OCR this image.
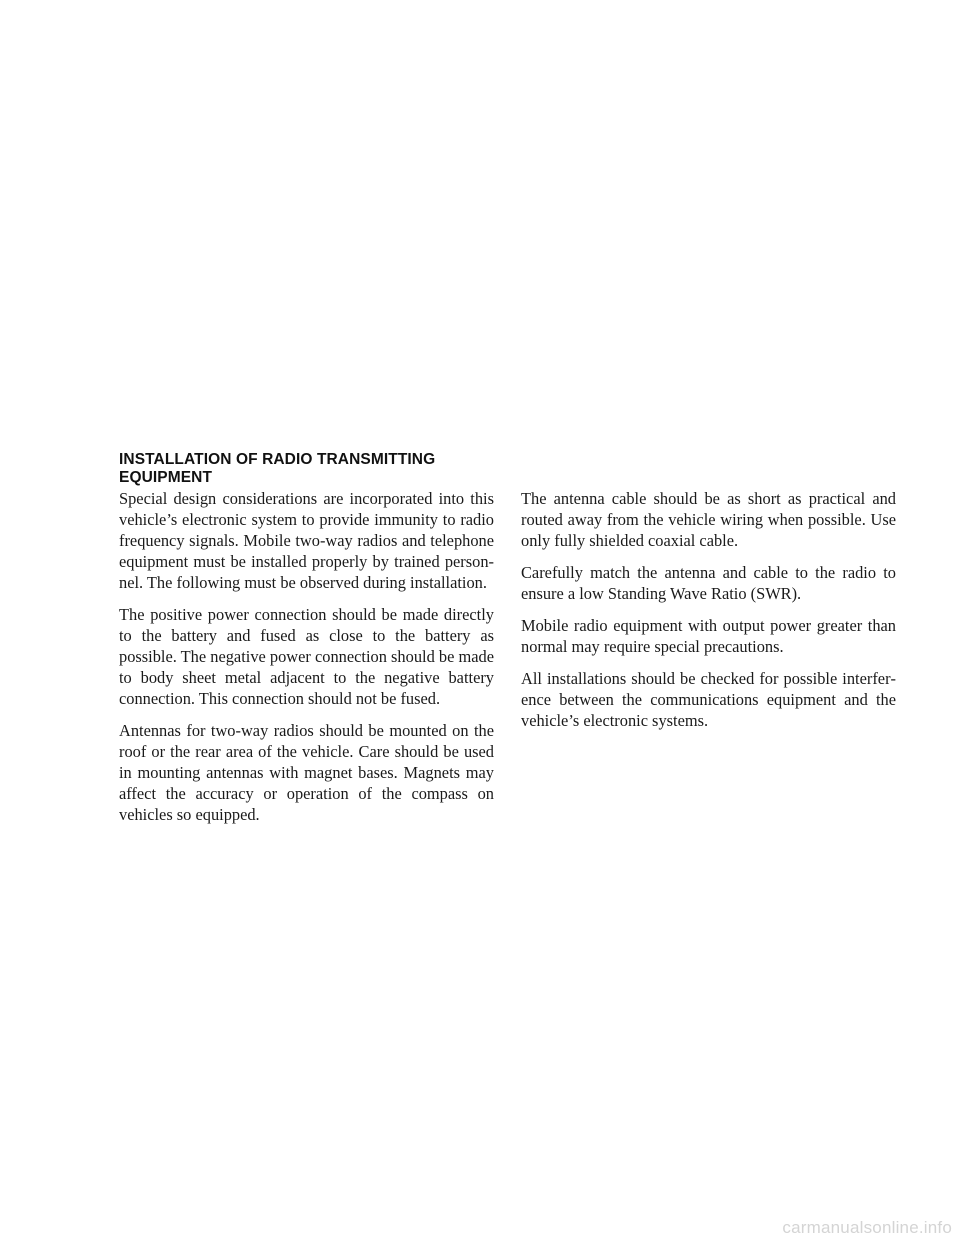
INSTALLATION OF RADIO TRANSMITTING
EQUIPMENT

Special design considerations are incorporated into this vehicle’s electronic system to provide immunity to radio frequency signals. Mobile two-way radios and telephone equipment must be installed properly by trained personnel. The following must be observed during installation.

The positive power connection should be made directly to the battery and fused as close to the battery as possible. The negative power connection should be made to body sheet metal adjacent to the negative battery connection. This connection should not be fused.

Antennas for two-way radios should be mounted on the roof or the rear area of the vehicle. Care should be used in mounting antennas with magnet bases. Magnets may affect the accuracy or operation of the compass on vehicles so equipped.

The antenna cable should be as short as practical and routed away from the vehicle wiring when possible. Use only fully shielded coaxial cable.

Carefully match the antenna and cable to the radio to ensure a low Standing Wave Ratio (SWR).

Mobile radio equipment with output power greater than normal may require special precautions.

All installations should be checked for possible interference between the communications equipment and the vehicle’s electronic systems.

carmanualsonline.info
